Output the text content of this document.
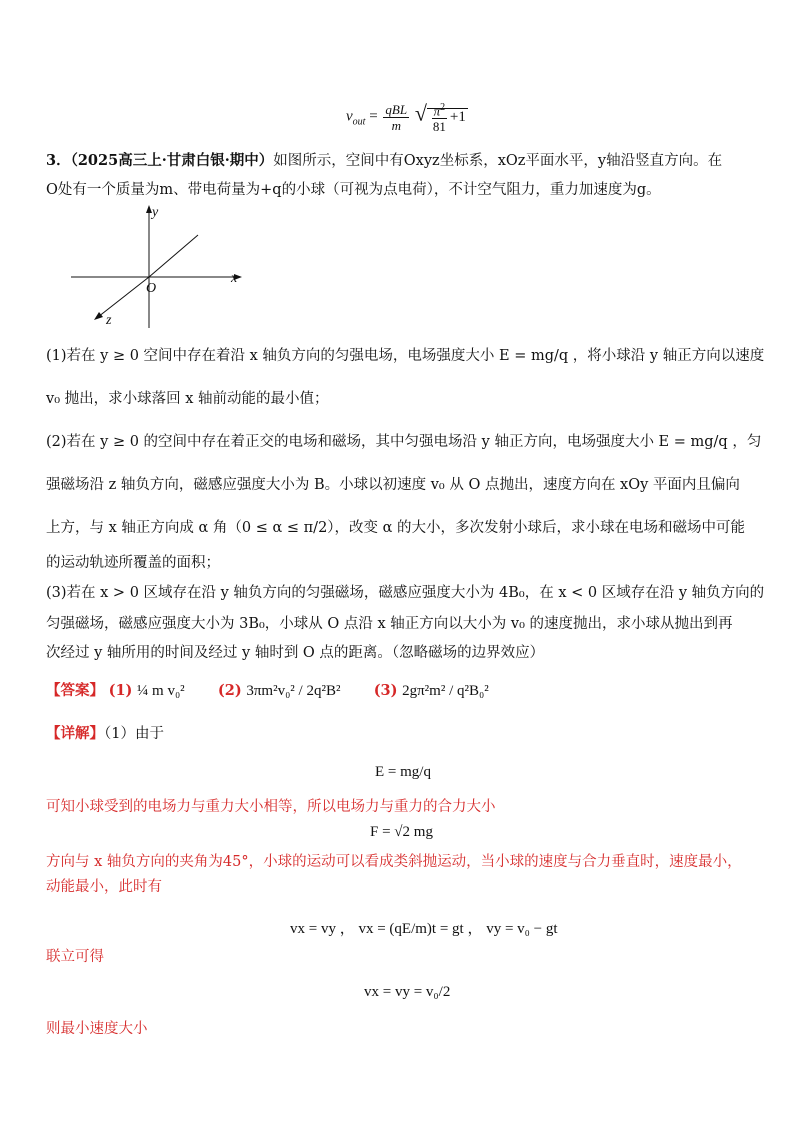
$v_{out} = \frac{\text{qBL}}{m}$ √ $\frac{\pi^2}{81} +1$
3．（2025高三上·甘肃白银·期中）如图所示，空间中有Oxyz坐标系，xOz平面水平，y轴沿竖直方向。在
O处有一个质量为m、带电荷量为+q的小球（可视为点电荷），不计空气阻力，重力加速度为g。
y
x
z
O
(1)若在 y ≥ 0 空间中存在着沿 x 轴负方向的匀强电场，电场强度大小 E = mg/q ，将小球沿 y 轴正方向以速度
v₀ 抛出，求小球落回 x 轴前动能的最小值；
(2)若在 y ≥ 0 的空间中存在着正交的电场和磁场，其中匀强电场沿 y 轴正方向，电场强度大小 E = mg/q ，匀
强磁场沿 z 轴负方向，磁感应强度大小为 B。小球以初速度 v₀ 从 O 点抛出，速度方向在 xOy 平面内且偏向
上方，与 x 轴正方向成 α 角（0 ≤ α ≤ π/2），改变 α 的大小，多次发射小球后，求小球在电场和磁场中可能
的运动轨迹所覆盖的面积；
(3)若在 x > 0 区域存在沿 y 轴负方向的匀强磁场，磁感应强度大小为 4B₀，在 x < 0 区域存在沿 y 轴负方向的
匀强磁场，磁感应强度大小为 3B₀，小球从 O 点沿 x 轴正方向以大小为 v₀ 的速度抛出，求小球从抛出到再
次经过 y 轴所用的时间及经过 y 轴时到 O 点的距离。（忽略磁场的边界效应）
【答案】 (1) ¼ m v₀² (2) 3πm²v₀² / 2q²B² (3) 2gπ²m² / q²B₀²
【详解】（1）由于
E = mg/q
可知小球受到的电场力与重力大小相等，所以电场力与重力的合力大小
F = √2 mg
方向与 x 轴负方向的夹角为45°，小球的运动可以看成类斜抛运动，当小球的速度与合力垂直时，速度最小，
动能最小，此时有
vx = vy ， vx = (qE/m)t = gt ， vy = v₀ − gt
联立可得
vx = vy = v₀/2
则最小速度大小
